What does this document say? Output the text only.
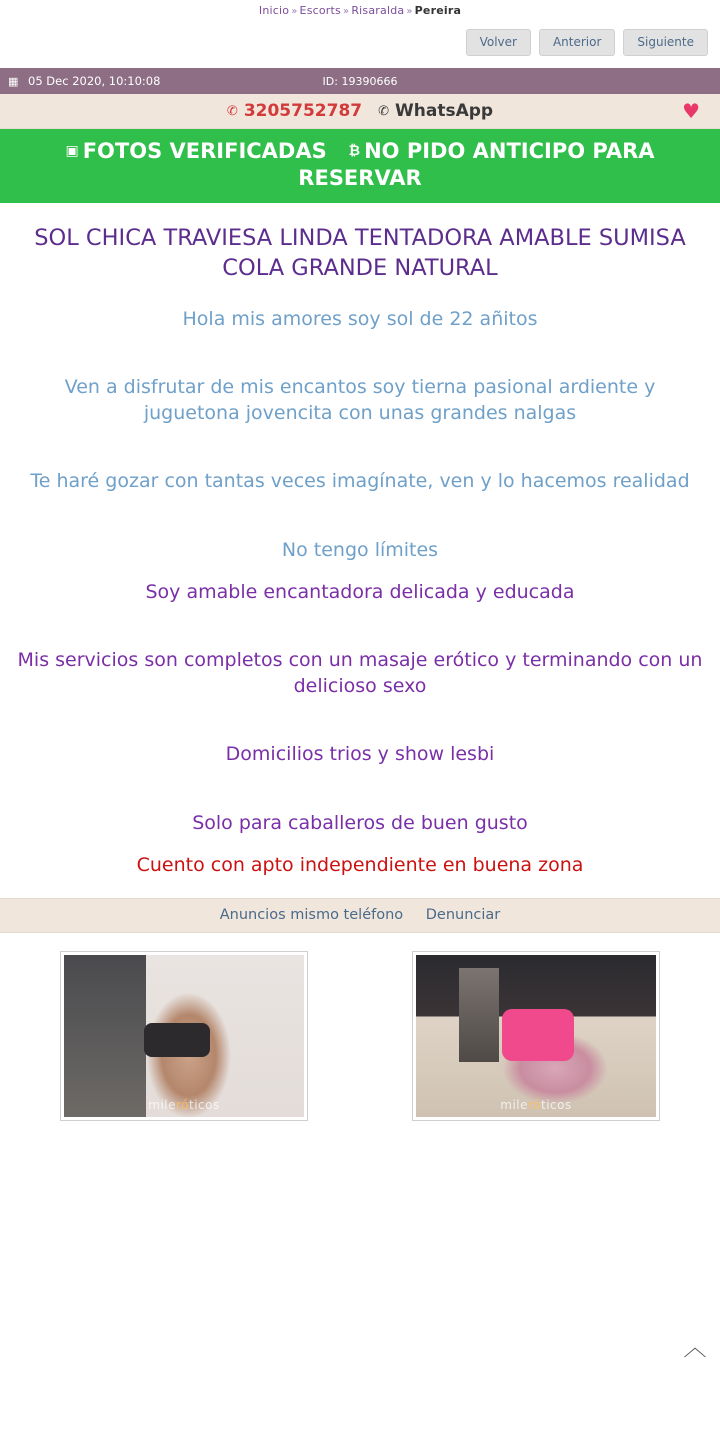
Inicio » Escorts » Risaralda » Pereira
Volver	Anterior	Siguiente
▦ 05 Dec 2020, 10:10:08	ID: 19390666
✆ 3205752787 ✆ WhatsApp	♥
▣ FOTOS VERIFICADAS ₿ NO PIDO ANTICIPO PARA RESERVAR
SOL CHICA TRAVIESA LINDA TENTADORA AMABLE SUMISA COLA GRANDE NATURAL
Hola mis amores soy sol de 22 añitos
Ven a disfrutar de mis encantos soy tierna pasional ardiente y juguetona jovencita con unas grandes nalgas
Te haré gozar con tantas veces imagínate, ven y lo hacemos realidad
No tengo límites
Soy amable encantadora delicada y educada
Mis servicios son completos con un masaje erótico y terminando con un delicioso sexo
Domicilios trios y show lesbi
Solo para caballeros de buen gusto
Cuento con apto independiente en buena zona
Anuncios mismo teléfono Denunciar
mileróticos	mileróticos
︿
